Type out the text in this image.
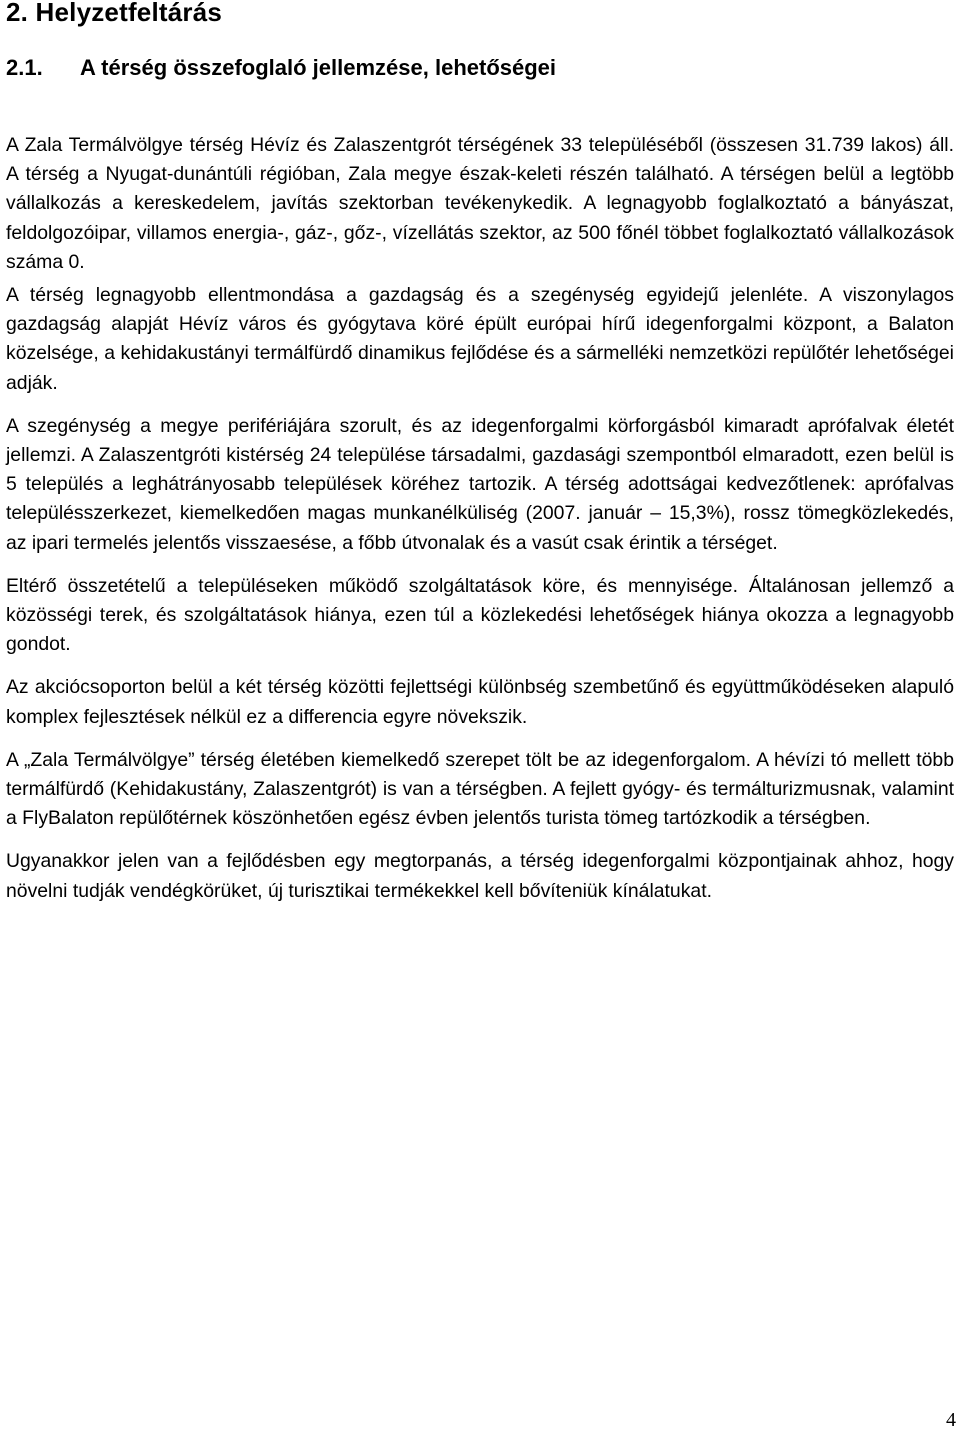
2. Helyzetfeltárás
2.1. A térség összefoglaló jellemzése, lehetőségei

A Zala Termálvölgye térség Hévíz és Zalaszentgrót térségének 33 településéből (összesen 31.739 lakos) áll. A térség a Nyugat-dunántúli régióban, Zala megye észak-keleti részén található. A térségen belül a legtöbb vállalkozás a kereskedelem, javítás szektorban tevékenykedik. A legnagyobb foglalkoztató a bányászat, feldolgozóipar, villamos energia-, gáz-, gőz-, vízellátás szektor, az 500 főnél többet foglalkoztató vállalkozások száma 0.

A térség legnagyobb ellentmondása a gazdagság és a szegénység egyidejű jelenléte. A viszonylagos gazdagság alapját Hévíz város és gyógytava köré épült európai hírű idegenforgalmi központ, a Balaton közelsége, a kehidakustányi termálfürdő dinamikus fejlődése és a sármelléki nemzetközi repülőtér lehetőségei adják.

A szegénység a megye perifériájára szorult, és az idegenforgalmi körforgásból kimaradt aprófalvak életét jellemzi. A Zalaszentgróti kistérség 24 települése társadalmi, gazdasági szempontból elmaradott, ezen belül is 5 település a leghátrányosabb települések köréhez tartozik. A térség adottságai kedvezőtlenek: aprófalvas településszerkezet, kiemelkedően magas munkanélküliség (2007. január – 15,3%), rossz tömegközlekedés, az ipari termelés jelentős visszaesése, a főbb útvonalak és a vasút csak érintik a térséget.

Eltérő összetételű a településeken működő szolgáltatások köre, és mennyisége. Általánosan jellemző a közösségi terek, és szolgáltatások hiánya, ezen túl a közlekedési lehetőségek hiánya okozza a legnagyobb gondot.

Az akciócsoporton belül a két térség közötti fejlettségi különbség szembetűnő és együttműködéseken alapuló komplex fejlesztések nélkül ez a differencia egyre növekszik.

A „Zala Termálvölgye” térség életében kiemelkedő szerepet tölt be az idegenforgalom. A hévízi tó mellett több termálfürdő (Kehidakustány, Zalaszentgrót) is van a térségben. A fejlett gyógy- és termálturizmusnak, valamint a FlyBalaton repülőtérnek köszönhetően egész évben jelentős turista tömeg tartózkodik a térségben.

Ugyanakkor jelen van a fejlődésben egy megtorpanás, a térség idegenforgalmi központjainak ahhoz, hogy növelni tudják vendégkörüket, új turisztikai termékekkel kell bővíteniük kínálatukat.

4
